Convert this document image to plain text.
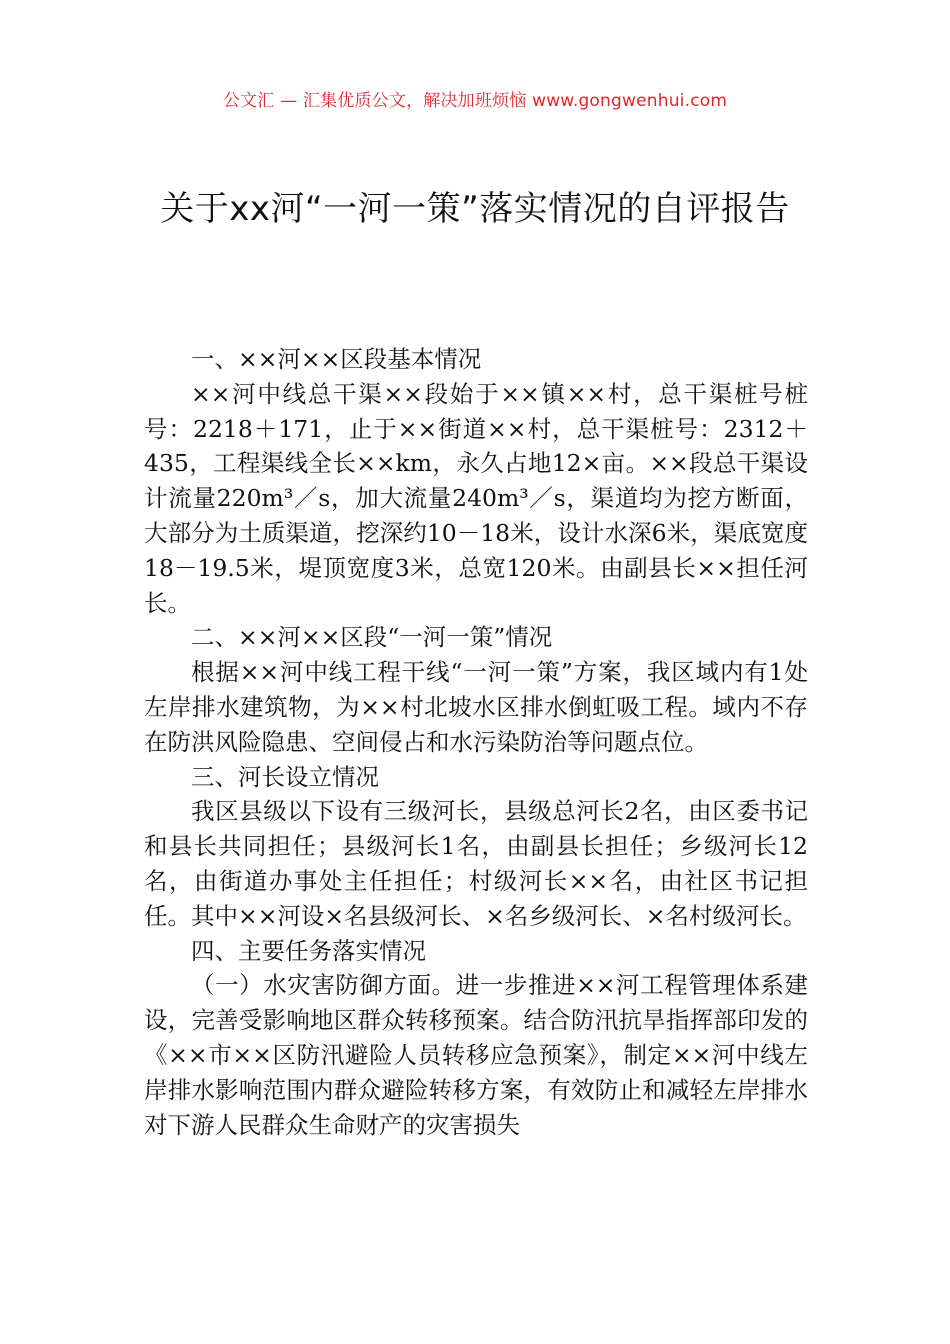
公文汇 — 汇集优质公文，解决加班烦恼 www.gongwenhui.com
关于xx河“一河一策”落实情况的自评报告

一、××河××区段基本情况

××河中线总干渠××段始于××镇××村，总干渠桩号桩号：2218＋171，止于××街道××村，总干渠桩号：2312＋435，工程渠线全长××km，永久占地12×亩。××段总干渠设计流量220m³／s，加大流量240m³／s，渠道均为挖方断面，大部分为土质渠道，挖深约10－18米，设计水深6米，渠底宽度18－19.5米，堤顶宽度3米，总宽120米。由副县长××担任河长。

二、××河××区段“一河一策”情况

根据××河中线工程干线“一河一策”方案，我区域内有1处左岸排水建筑物，为××村北坡水区排水倒虹吸工程。域内不存在防洪风险隐患、空间侵占和水污染防治等问题点位。

三、河长设立情况

我区县级以下设有三级河长，县级总河长2名，由区委书记和县长共同担任；县级河长1名，由副县长担任；乡级河长12名，由街道办事处主任担任；村级河长××名，由社区书记担任。其中××河设×名县级河长、×名乡级河长、×名村级河长。

四、主要任务落实情况

（一）水灾害防御方面。进一步推进××河工程管理体系建设，完善受影响地区群众转移预案。结合防汛抗旱指挥部印发的《××市××区防汛避险人员转移应急预案》，制定××河中线左岸排水影响范围内群众避险转移方案，有效防止和减轻左岸排水对下游人民群众生命财产的灾害损失
